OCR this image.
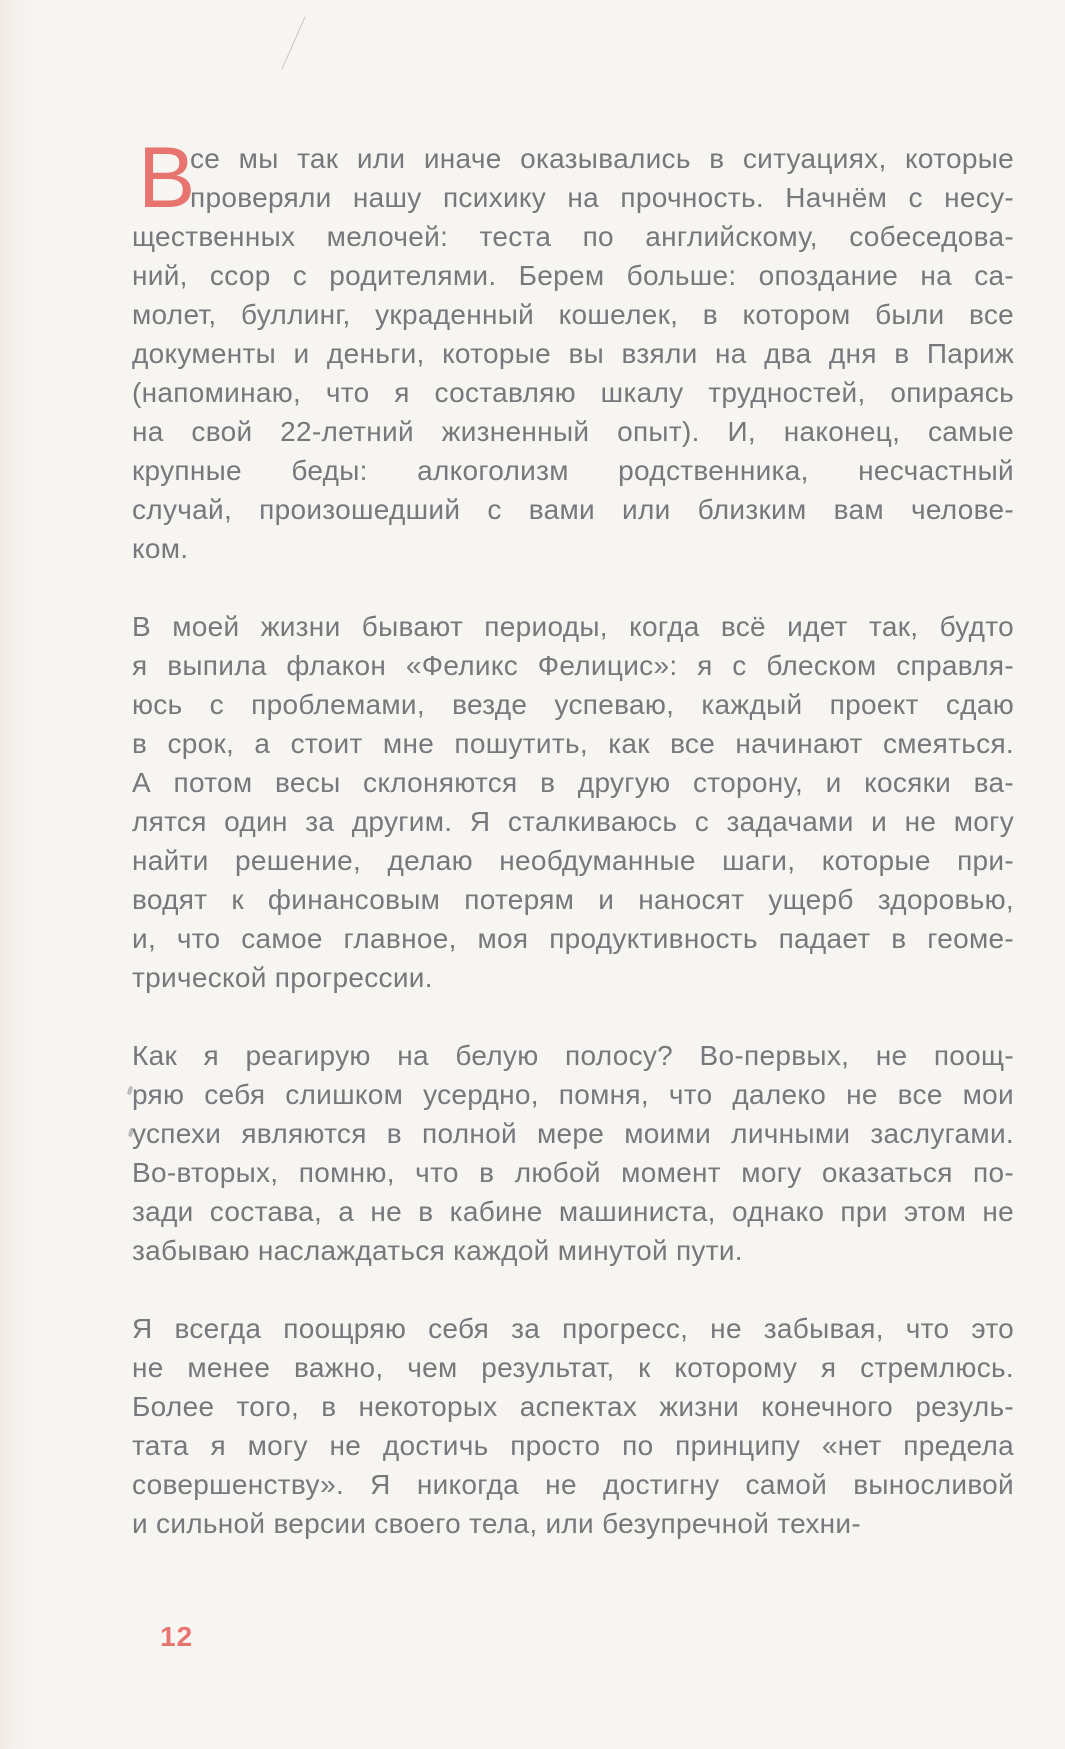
В
се мы так или иначе оказывались в ситуациях, которые
проверяли нашу психику на прочность. Начнём с несу-
щественных мелочей: теста по английскому, собеседова-
ний, ссор с родителями. Берем больше: опоздание на са-
молет, буллинг, украденный кошелек, в котором были все
документы и деньги, которые вы взяли на два дня в Париж
(напоминаю, что я составляю шкалу трудностей, опираясь
на свой 22-летний жизненный опыт). И, наконец, самые
крупные беды: алкоголизм родственника, несчастный
случай, произошедший с вами или близким вам челове-
ком.
В моей жизни бывают периоды, когда всё идет так, будто
я выпила флакон «Феликс Фелицис»: я с блеском справля-
юсь с проблемами, везде успеваю, каждый проект сдаю
в срок, а стоит мне пошутить, как все начинают смеяться.
А потом весы склоняются в другую сторону, и косяки ва-
лятся один за другим. Я сталкиваюсь с задачами и не могу
найти решение, делаю необдуманные шаги, которые при-
водят к финансовым потерям и наносят ущерб здоровью,
и, что самое главное, моя продуктивность падает в геоме-
трической прогрессии.
Как я реагирую на белую полосу? Во-первых, не поощ-
ряю себя слишком усердно, помня, что далеко не все мои
успехи являются в полной мере моими личными заслугами.
Во-вторых, помню, что в любой момент могу оказаться по-
зади состава, а не в кабине машиниста, однако при этом не
забываю наслаждаться каждой минутой пути.
Я всегда поощряю себя за прогресс, не забывая, что это
не менее важно, чем результат, к которому я стремлюсь.
Более того, в некоторых аспектах жизни конечного резуль-
тата я могу не достичь просто по принципу «нет предела
совершенству». Я никогда не достигну самой выносливой
и сильной версии своего тела, или безупречной техни-
12
